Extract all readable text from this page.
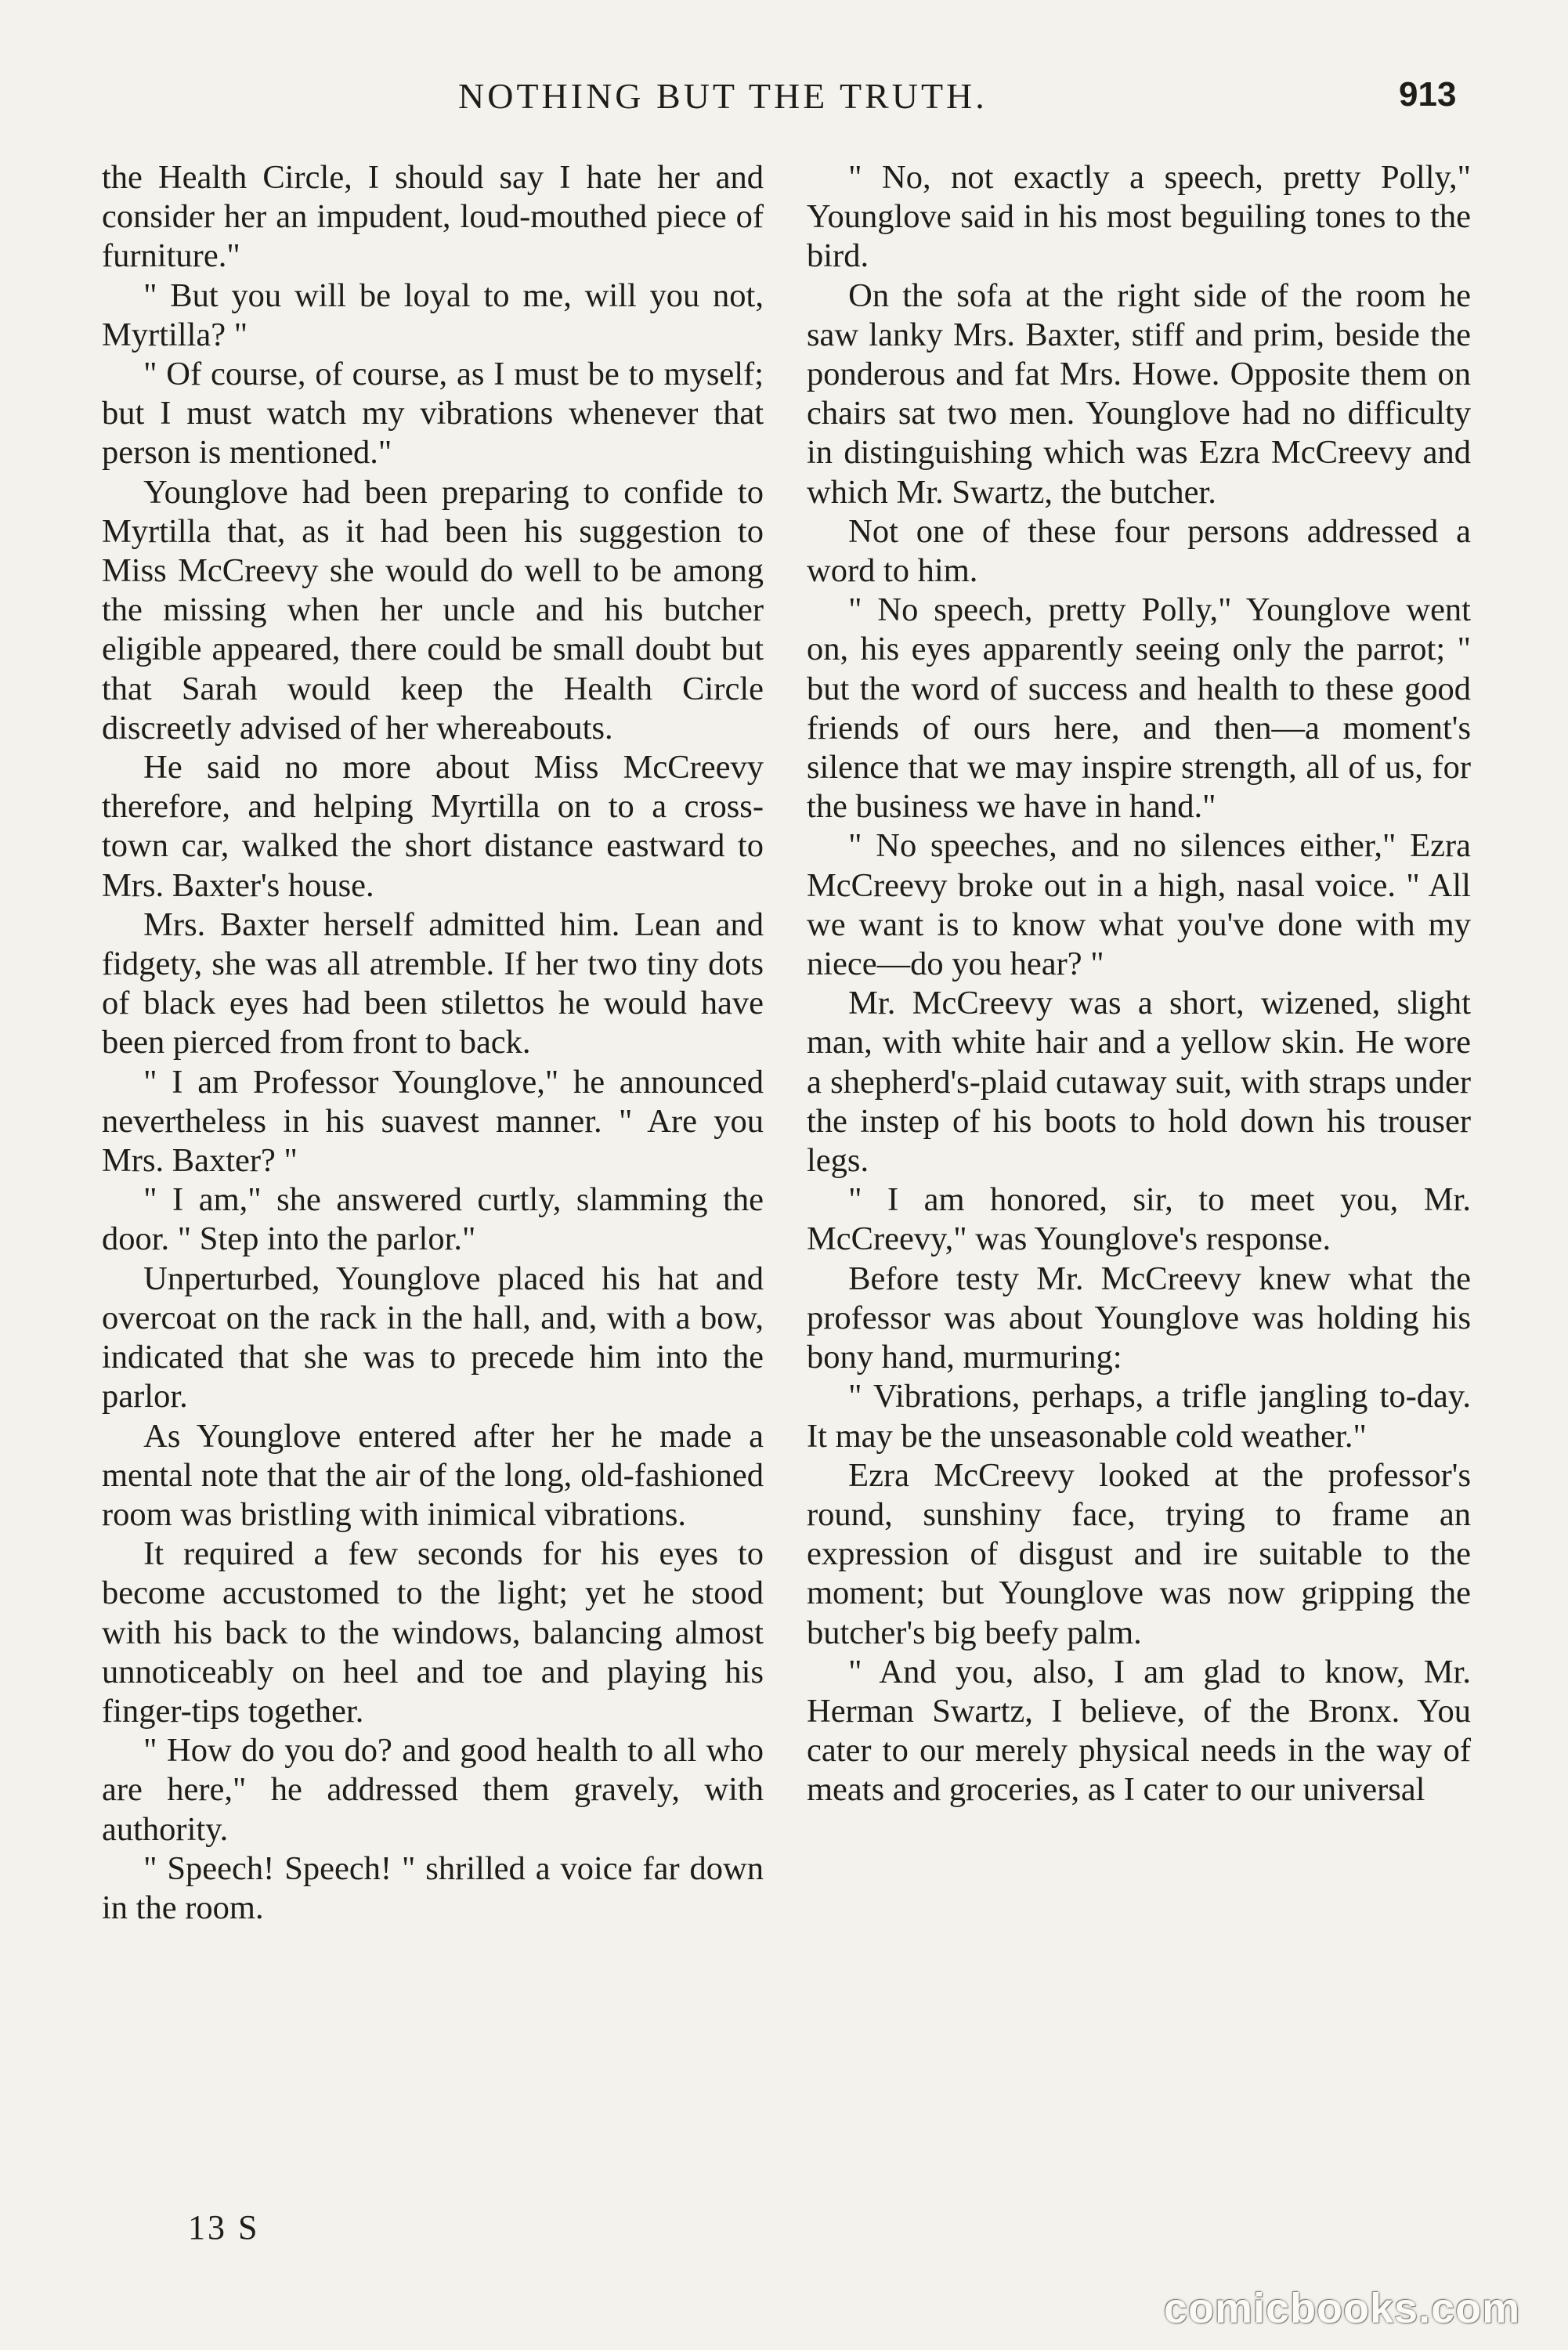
NOTHING BUT THE TRUTH.	913

the Health Circle, I should say I hate her and consider her an impudent, loud-mouthed piece of furniture."

" But you will be loyal to me, will you not, Myrtilla? "

" Of course, of course, as I must be to myself; but I must watch my vibrations whenever that person is mentioned."

Younglove had been preparing to confide to Myrtilla that, as it had been his suggestion to Miss McCreevy she would do well to be among the missing when her uncle and his butcher eligible appeared, there could be small doubt but that Sarah would keep the Health Circle discreetly advised of her whereabouts.

He said no more about Miss McCreevy therefore, and helping Myrtilla on to a cross-town car, walked the short distance eastward to Mrs. Baxter's house.

Mrs. Baxter herself admitted him. Lean and fidgety, she was all atremble. If her two tiny dots of black eyes had been stilettos he would have been pierced from front to back.

" I am Professor Younglove," he announced nevertheless in his suavest manner. " Are you Mrs. Baxter? "

" I am," she answered curtly, slamming the door. " Step into the parlor."

Unperturbed, Younglove placed his hat and overcoat on the rack in the hall, and, with a bow, indicated that she was to precede him into the parlor.

As Younglove entered after her he made a mental note that the air of the long, old-fashioned room was bristling with inimical vibrations.

It required a few seconds for his eyes to become accustomed to the light; yet he stood with his back to the windows, balancing almost unnoticeably on heel and toe and playing his finger-tips together.

" How do you do? and good health to all who are here," he addressed them gravely, with authority.

" Speech! Speech! " shrilled a voice far down in the room.

" No, not exactly a speech, pretty Polly," Younglove said in his most beguiling tones to the bird.

On the sofa at the right side of the room he saw lanky Mrs. Baxter, stiff and prim, beside the ponderous and fat Mrs. Howe. Opposite them on chairs sat two men. Younglove had no difficulty in distinguishing which was Ezra McCreevy and which Mr. Swartz, the butcher.

Not one of these four persons addressed a word to him.

" No speech, pretty Polly," Younglove went on, his eyes apparently seeing only the parrot; " but the word of success and health to these good friends of ours here, and then—a moment's silence that we may inspire strength, all of us, for the business we have in hand."

" No speeches, and no silences either," Ezra McCreevy broke out in a high, nasal voice. " All we want is to know what you've done with my niece—do you hear? "

Mr. McCreevy was a short, wizened, slight man, with white hair and a yellow skin. He wore a shepherd's-plaid cutaway suit, with straps under the instep of his boots to hold down his trouser legs.

" I am honored, sir, to meet you, Mr. McCreevy," was Younglove's response.

Before testy Mr. McCreevy knew what the professor was about Younglove was holding his bony hand, murmuring:

" Vibrations, perhaps, a trifle jangling to-day. It may be the unseasonable cold weather."

Ezra McCreevy looked at the professor's round, sunshiny face, trying to frame an expression of disgust and ire suitable to the moment; but Younglove was now gripping the butcher's big beefy palm.

" And you, also, I am glad to know, Mr. Herman Swartz, I believe, of the Bronx. You cater to our merely physical needs in the way of meats and groceries, as I cater to our universal

13 S
comicbooks.com
